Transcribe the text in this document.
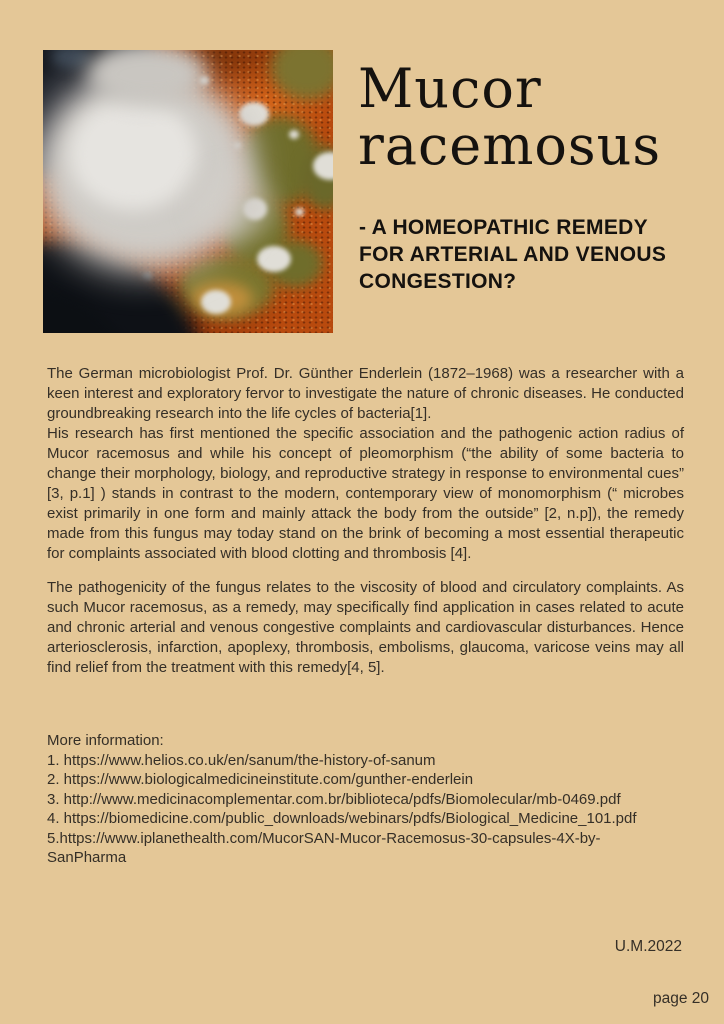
Mucor
racemosus
- A HOMEOPATHIC REMEDY
FOR ARTERIAL AND VENOUS
CONGESTION?

The German microbiologist Prof. Dr. Günther Enderlein (1872–1968) was a researcher with a keen interest and exploratory fervor to investigate the nature of chronic diseases. He conducted groundbreaking research into the life cycles of bacteria[1].

His research has first mentioned the specific association and the pathogenic action radius of Mucor racemosus and while his concept of pleomorphism (“the ability of some bacteria to change their morphology, biology, and reproductive strategy in response to environmental cues” [3, p.1] ) stands in contrast to the modern, contemporary view of monomorphism (“ microbes exist primarily in one form and mainly attack the body from the outside” [2, n.p]), the remedy made from this fungus may today stand on the brink of becoming a most essential therapeutic for complaints associated with blood clotting and thrombosis [4].

The pathogenicity of the fungus relates to the viscosity of blood and circulatory complaints. As such Mucor racemosus, as a remedy, may specifically find application in cases related to acute and chronic arterial and venous congestive complaints and cardiovascular disturbances. Hence arteriosclerosis, infarction, apoplexy, thrombosis, embolisms, glaucoma, varicose veins may all find relief from the treatment with this remedy[4, 5].

More information:
1. https://www.helios.co.uk/en/sanum/the-history-of-sanum
2. https://www.biologicalmedicineinstitute.com/gunther-enderlein
3. http://www.medicinacomplementar.com.br/biblioteca/pdfs/Biomolecular/mb-0469.pdf
4. https://biomedicine.com/public_downloads/webinars/pdfs/Biological_Medicine_101.pdf
5.https://www.iplanethealth.com/MucorSAN-Mucor-Racemosus-30-capsules-4X-by-
SanPharma
U.M.2022
page 20
